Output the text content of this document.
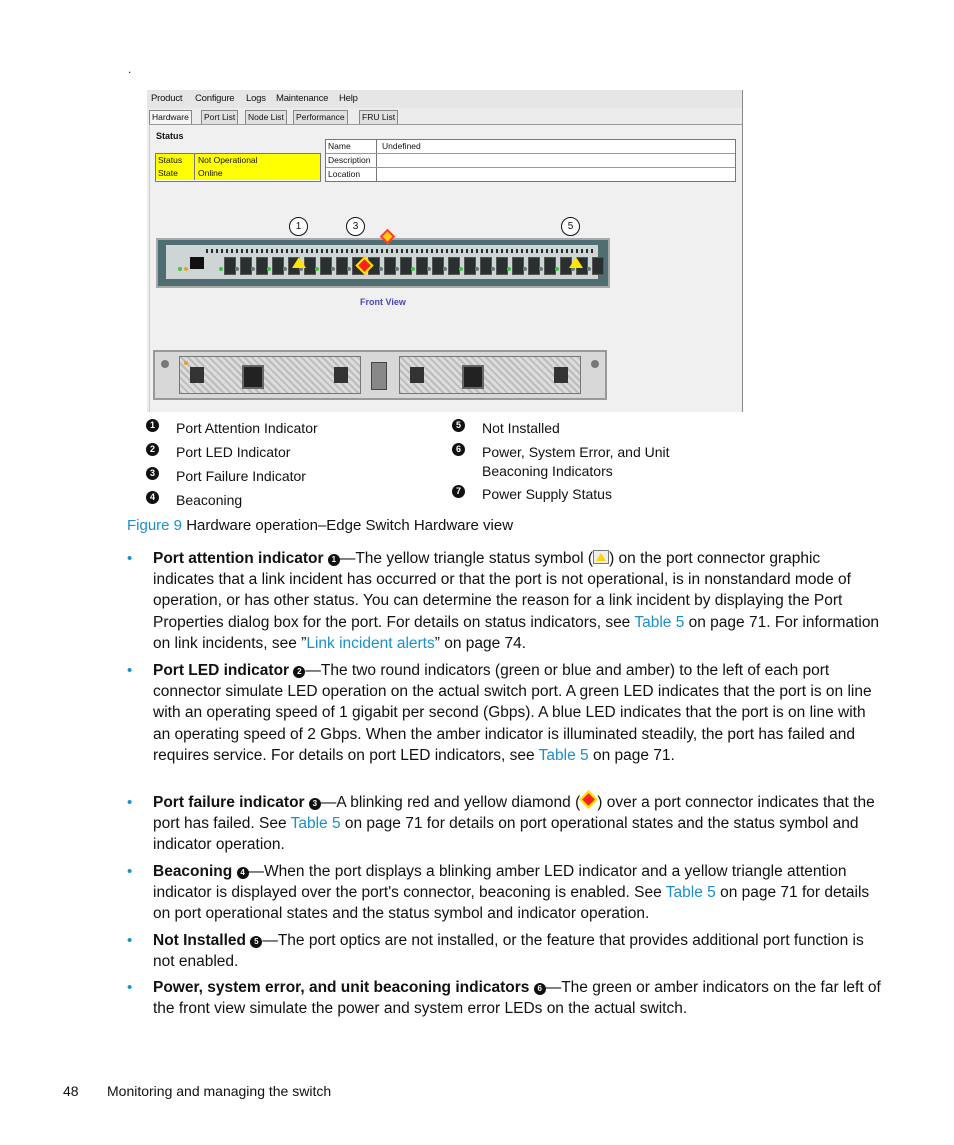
.
Product Configure Logs Maintenance Help
Hardware	Port List	Node List	Performance	FRU List
Status
Status	Not Operational
State	Online
Name	Undefined
Description
Location
1	3	5
Front View
1 Port Attention Indicator
2 Port LED Indicator
3 Port Failure Indicator
4 Beaconing
5 Not Installed
6 Power, System Error, and Unit
Beaconing Indicators
7 Power Supply Status
Figure 9 Hardware operation–Edge Switch Hardware view
• Port attention indicator 1 —The yellow triangle status symbol ( ) on the port connector graphic indicates that a link incident has occurred or that the port is not operational, is in nonstandard mode of operation, or has other status. You can determine the reason for a link incident by displaying the Port Properties dialog box for the port. For details on status indicators, see Table 5 on page 71. For information on link incidents, see ”Link incident alerts” on page 74.
• Port LED indicator 2 —The two round indicators (green or blue and amber) to the left of each port connector simulate LED operation on the actual switch port. A green LED indicates that the port is on line with an operating speed of 1 gigabit per second (Gbps). A blue LED indicates that the port is on line with an operating speed of 2 Gbps. When the amber indicator is illuminated steadily, the port has failed and requires service. For details on port LED indicators, see Table 5 on page 71.
• Port failure indicator 3 —A blinking red and yellow diamond ( ) over a port connector indicates that the port has failed. See Table 5 on page 71 for details on port operational states and the status symbol and indicator operation.
• Beaconing 4 —When the port displays a blinking amber LED indicator and a yellow triangle attention indicator is displayed over the port's connector, beaconing is enabled. See Table 5 on page 71 for details on port operational states and the status symbol and indicator operation.
• Not Installed 5 —The port optics are not installed, or the feature that provides additional port function is not enabled.
• Power, system error, and unit beaconing indicators 6 —The green or amber indicators on the far left of the front view simulate the power and system error LEDs on the actual switch.
48 Monitoring and managing the switch
